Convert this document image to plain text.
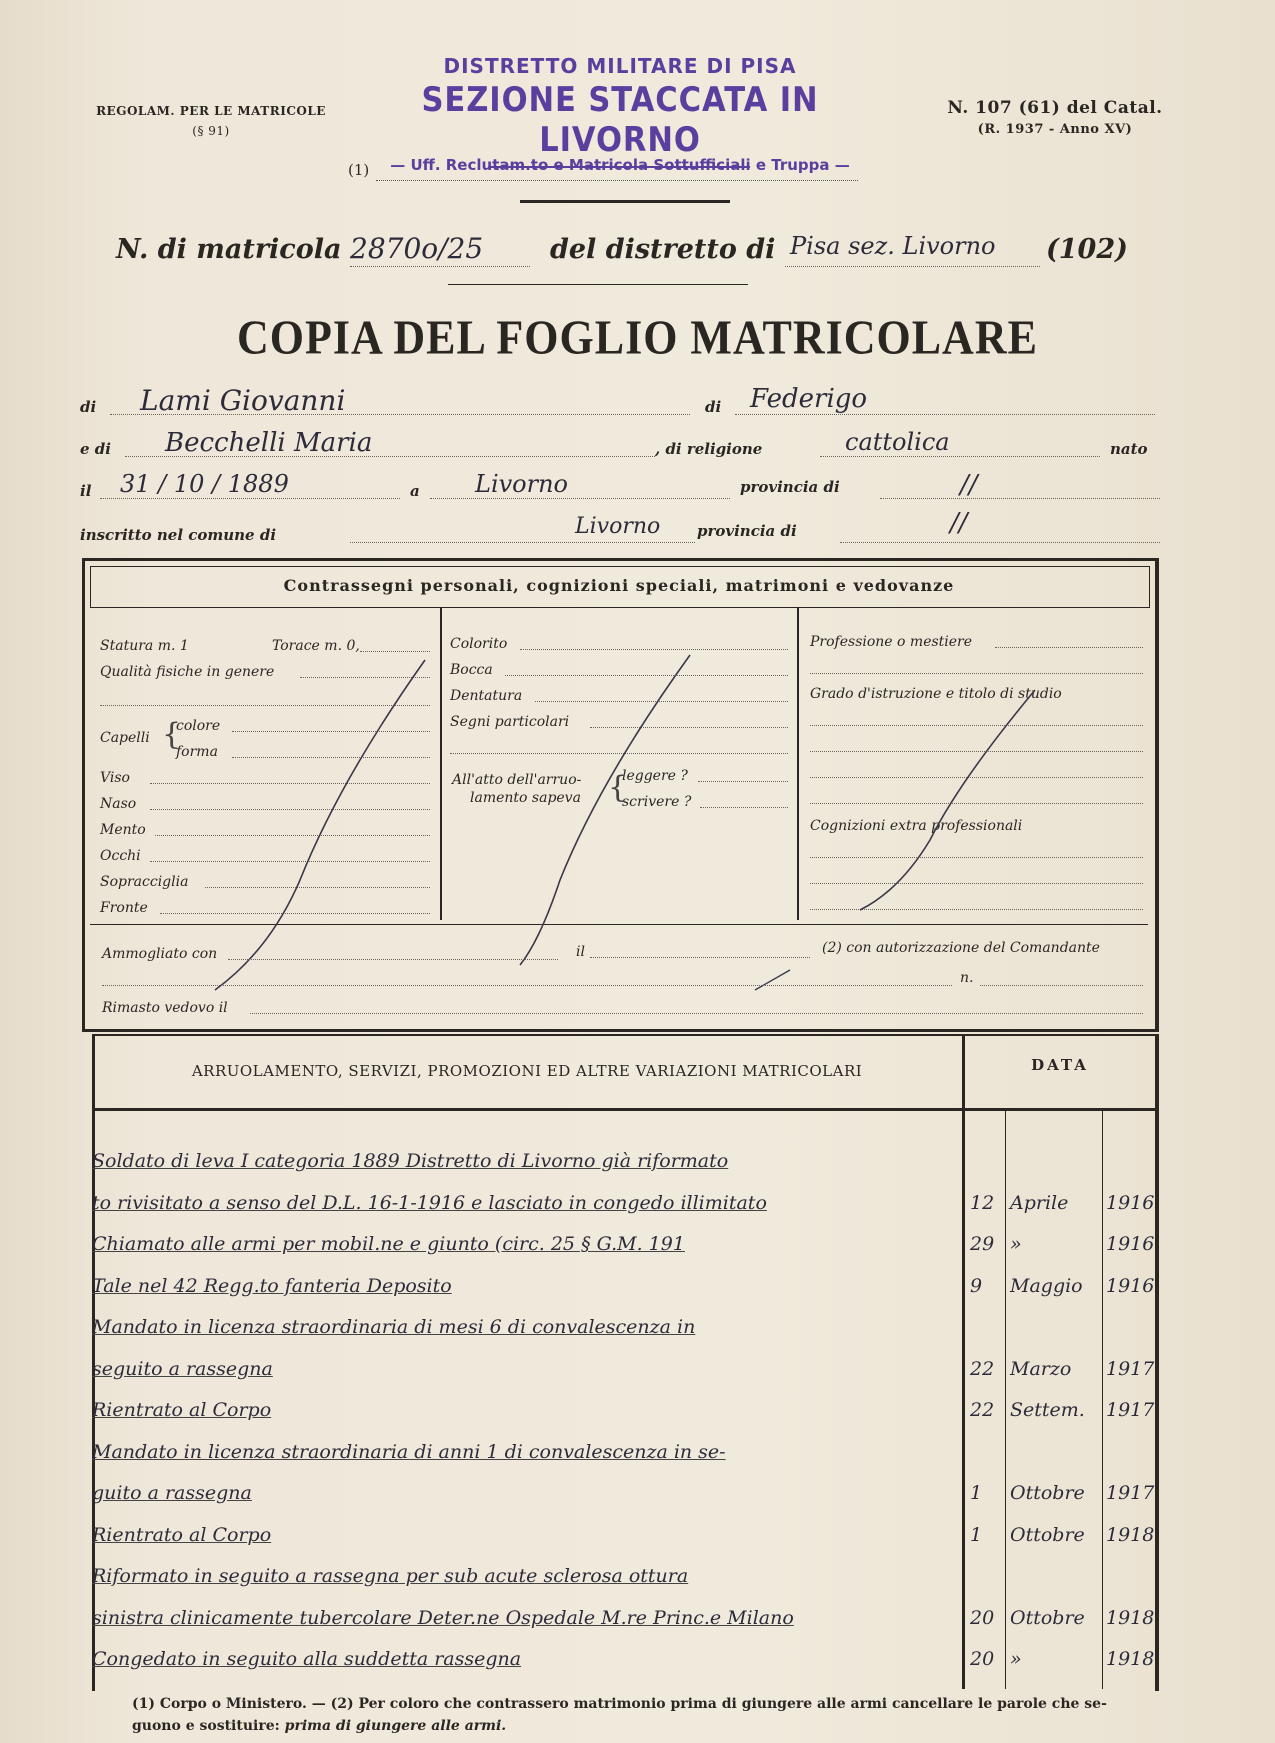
REGOLAM. PER LE MATRICOLE
(§ 91)
DISTRETTO MILITARE DI PISA
SEZIONE STACCATA IN LIVORNO
(1)	— Uff. Reclutam.to e Matricola Sottufficiali e Truppa —
N. 107 (61) del Catal.
(R. 1937 - Anno XV)
N. di matricola 2870o/25 del distretto di Pisa sez. Livorno (102)
COPIA DEL FOGLIO MATRICOLARE
di Lami Giovanni	di Federigo
e di Becchelli Maria	, di religione	cattolica	nato
il 31 / 10 / 1889	a Livorno	provincia di	//
inscritto nel comune di	Livorno provincia di	//
Contrassegni personali, cognizioni speciali, matrimoni e vedovanze
Statura m. 1	Torace m. 0,
Qualità fisiche in genere
Capelli {
colore
forma
Viso
Naso
Mento
Occhi
Sopracciglia
Fronte
Colorito
Bocca
Dentatura
Segni particolari
All'atto dell'arruo-
lamento sapeva {
leggere ?
scrivere ?
Professione o mestiere
Grado d'istruzione e titolo di studio
Cognizioni extra professionali
Ammogliato con	il	(2) con autorizzazione del Comandante
n.
Rimasto vedovo il
ARRUOLAMENTO, SERVIZI, PROMOZIONI ED ALTRE VARIAZIONI MATRICOLARI	DATA
Soldato di leva I categoria 1889 Distretto di Livorno già riformato
to rivisitato a senso del D.L. 16-1-1916 e lasciato in congedo illimitato	12 Aprile 1916
Chiamato alle armi per mobil.ne e giunto (circ. 25 § G.M. 191	29 »	1916
Tale nel 42 Regg.to fanteria Deposito	9 Maggio 1916
Mandato in licenza straordinaria di mesi 6 di convalescenza in
seguito a rassegna	22 Marzo 1917
Rientrato al Corpo	22 Settem. 1917
Mandato in licenza straordinaria di anni 1 di convalescenza in se-
guito a rassegna	1 Ottobre 1917
Rientrato al Corpo	1 Ottobre 1918
Riformato in seguito a rassegna per sub acute sclerosa ottura
sinistra clinicamente tubercolare Deter.ne Ospedale M.re Princ.e Milano	20 Ottobre 1918
Congedato in seguito alla suddetta rassegna	20 »	1918
(1) Corpo o Ministero. — (2) Per coloro che contrassero matrimonio prima di giungere alle armi cancellare le parole che se-
guono e sostituire: prima di giungere alle armi.
